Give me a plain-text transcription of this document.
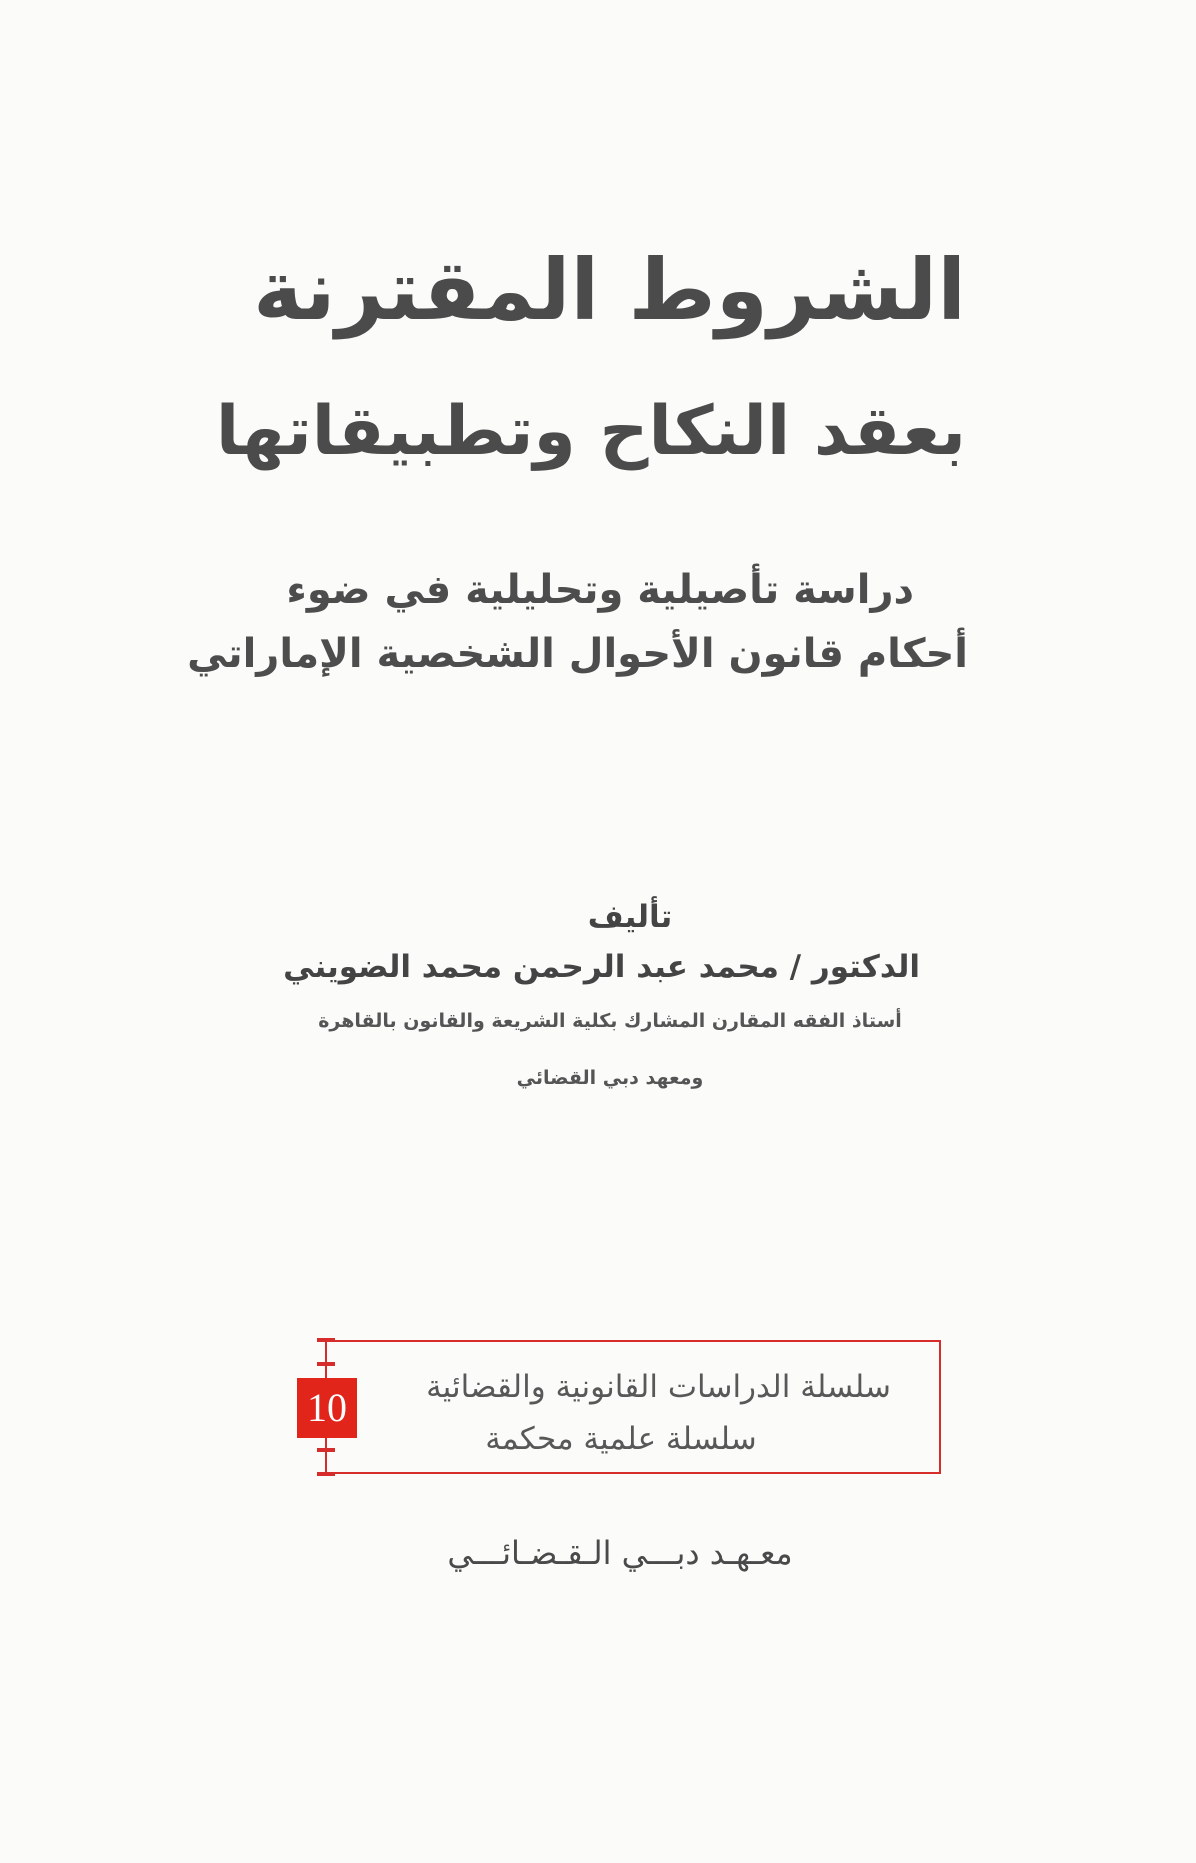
الشروط المقترنة
بعقد النكاح وتطبيقاتها
دراسة تأصيلية وتحليلية في ضوء
أحكام قانون الأحوال الشخصية الإماراتي
تأليف
الدكتور / محمد عبد الرحمن محمد الضويني
أستاذ الفقه المقارن المشارك بكلية الشريعة والقانون بالقاهرة
ومعهد دبي القضائي
10	سلسلة الدراسات القانونية والقضائية
سلسلة علمية محكمة
معـهـد دبـــي الـقـضـائـــي
